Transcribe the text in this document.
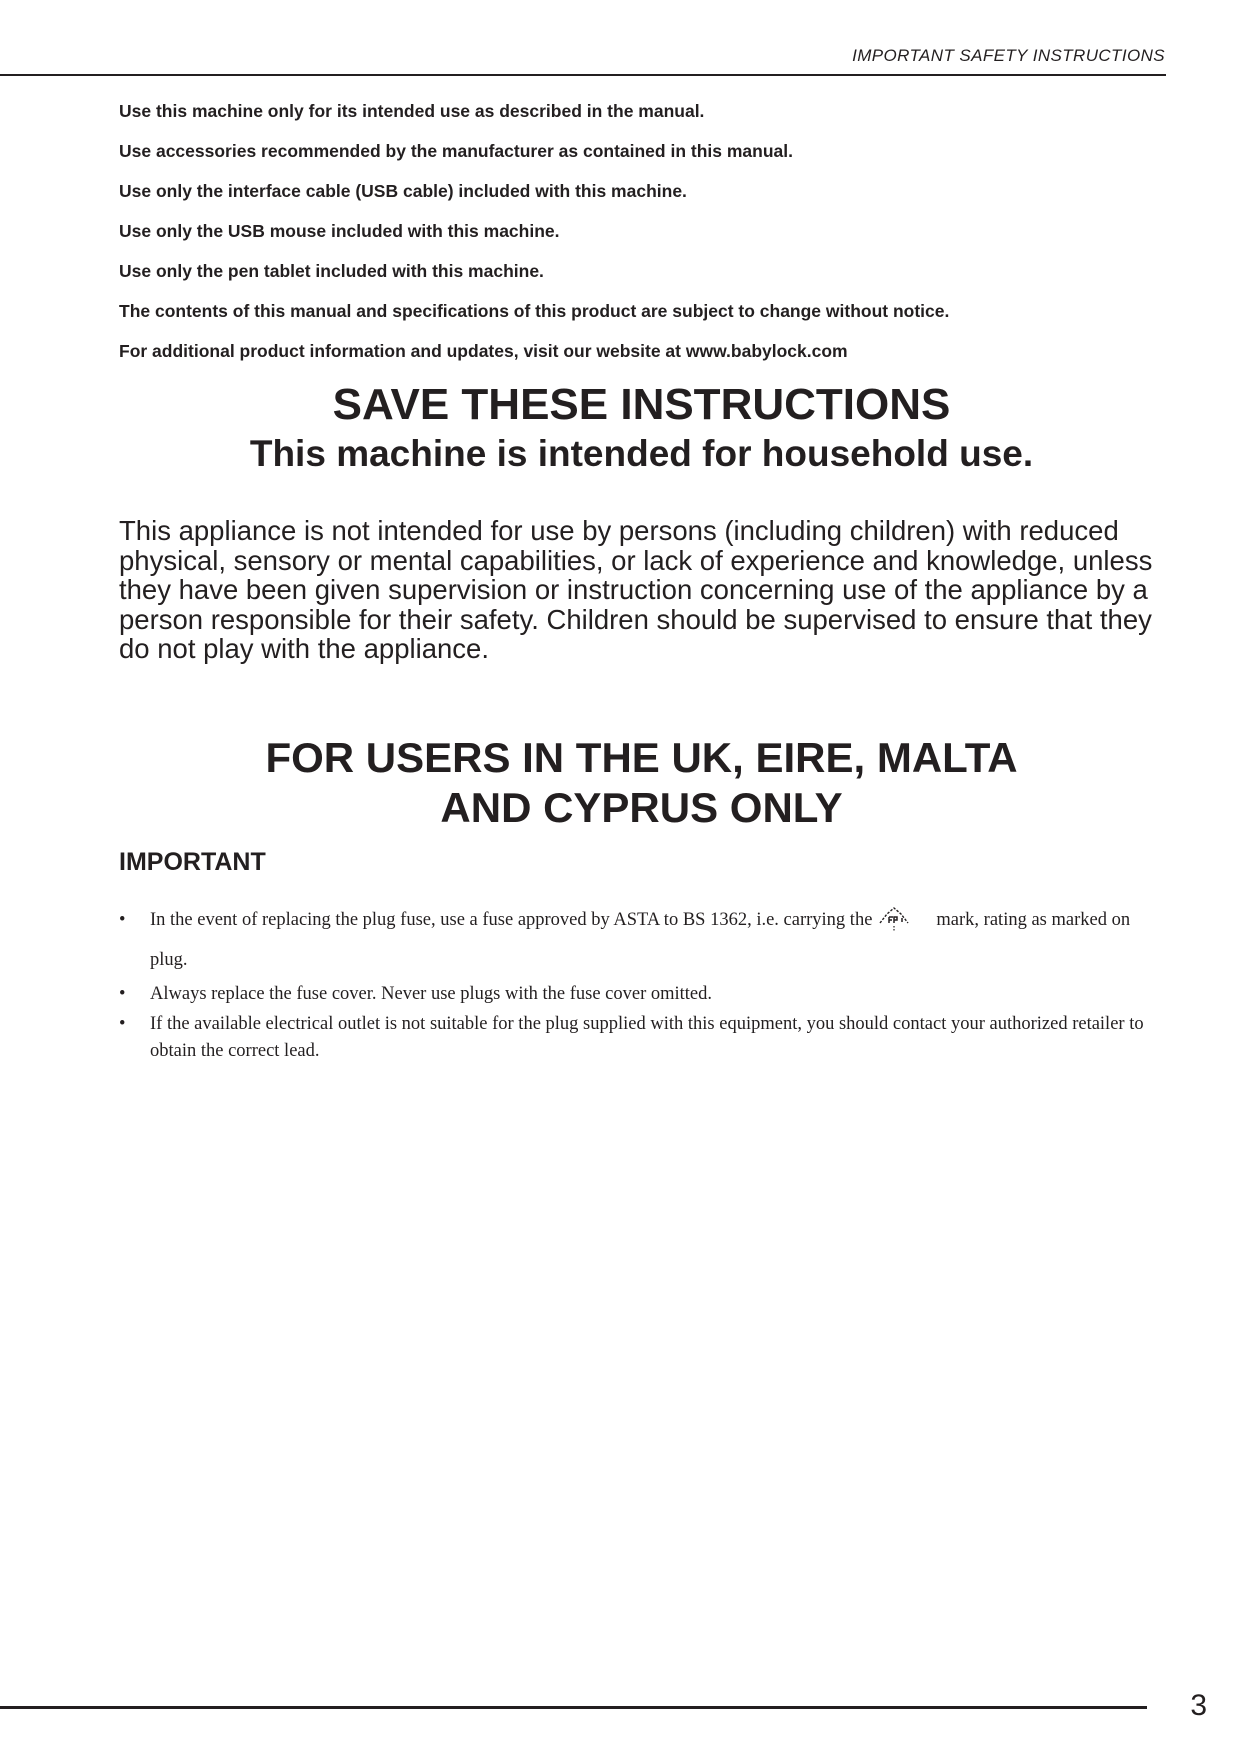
IMPORTANT SAFETY INSTRUCTIONS
Use this machine only for its intended use as described in the manual.
Use accessories recommended by the manufacturer as contained in this manual.
Use only the interface cable (USB cable) included with this machine.
Use only the USB mouse included with this machine.
Use only the pen tablet included with this machine.
The contents of this manual and specifications of this product are subject to change without notice.
For additional product information and updates, visit our website at www.babylock.com
SAVE THESE INSTRUCTIONS
This machine is intended for household use.

This appliance is not intended for use by persons (including children) with reduced physical, sensory or mental capabilities, or lack of experience and knowledge, unless they have been given supervision or instruction concerning use of the appliance by a person responsible for their safety. Children should be supervised to ensure that they do not play with the appliance.

FOR USERS IN THE UK, EIRE, MALTA
AND CYPRUS ONLY
IMPORTANT
• In the event of replacing the plug fuse, use a fuse approved by ASTA to BS 1362, i.e. carrying the	mark, rating as marked on plug.
• Always replace the fuse cover. Never use plugs with the fuse cover omitted.
• If the available electrical outlet is not suitable for the plug supplied with this equipment, you should contact your authorized retailer to obtain the correct lead.
3
